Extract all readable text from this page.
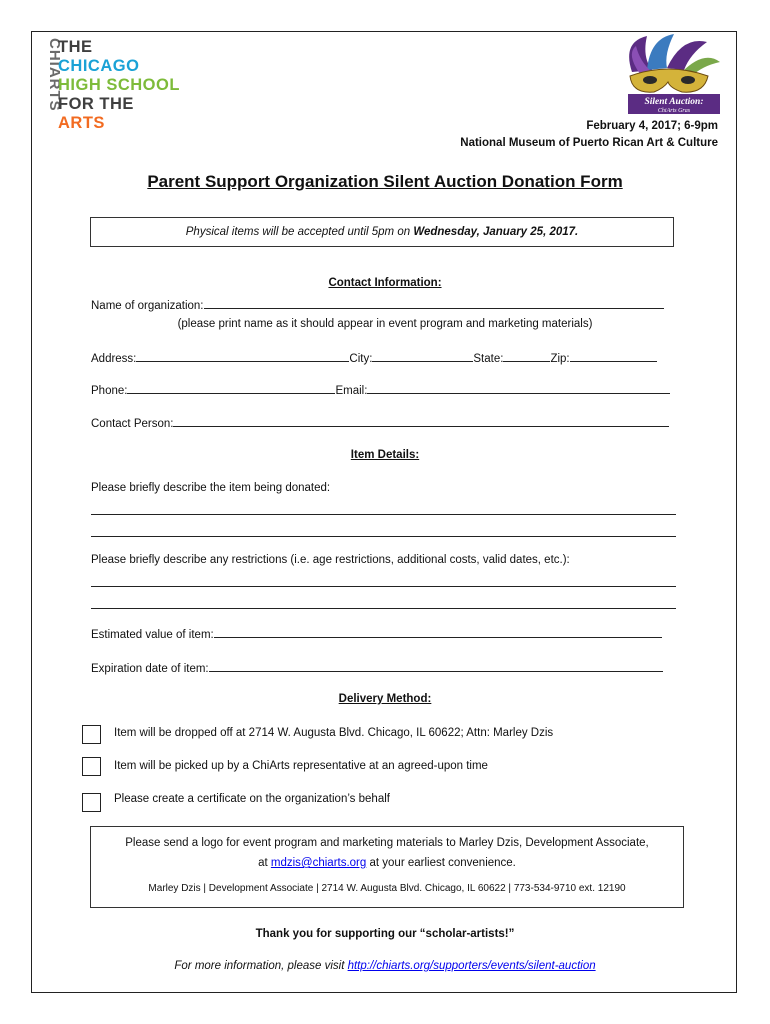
CHIARTS
THE
CHICAGO
HIGH SCHOOL
FOR THE
ARTS
Silent Auction:
ChiArts Gras
February 4, 2017; 6-9pm
National Museum of Puerto Rican Art & Culture
Parent Support Organization Silent Auction Donation Form
Physical items will be accepted until 5pm on Wednesday, January 25, 2017.
Contact Information:
Name of organization:
(please print name as it should appear in event program and marketing materials)
Address:	City:	State:	Zip:
Phone:	Email:
Contact Person:
Item Details:
Please briefly describe the item being donated:
Please briefly describe any restrictions (i.e. age restrictions, additional costs, valid dates, etc.):
Estimated value of item:
Expiration date of item:
Delivery Method:
Item will be dropped off at 2714 W. Augusta Blvd. Chicago, IL 60622; Attn: Marley Dzis
Item will be picked up by a ChiArts representative at an agreed-upon time
Please create a certificate on the organization’s behalf
Please send a logo for event program and marketing materials to Marley Dzis, Development Associate,
at mdzis@chiarts.org at your earliest convenience.
Marley Dzis | Development Associate | 2714 W. Augusta Blvd. Chicago, IL 60622 | 773-534-9710 ext. 12190
Thank you for supporting our “scholar-artists!”
For more information, please visit http://chiarts.org/supporters/events/silent-auction
